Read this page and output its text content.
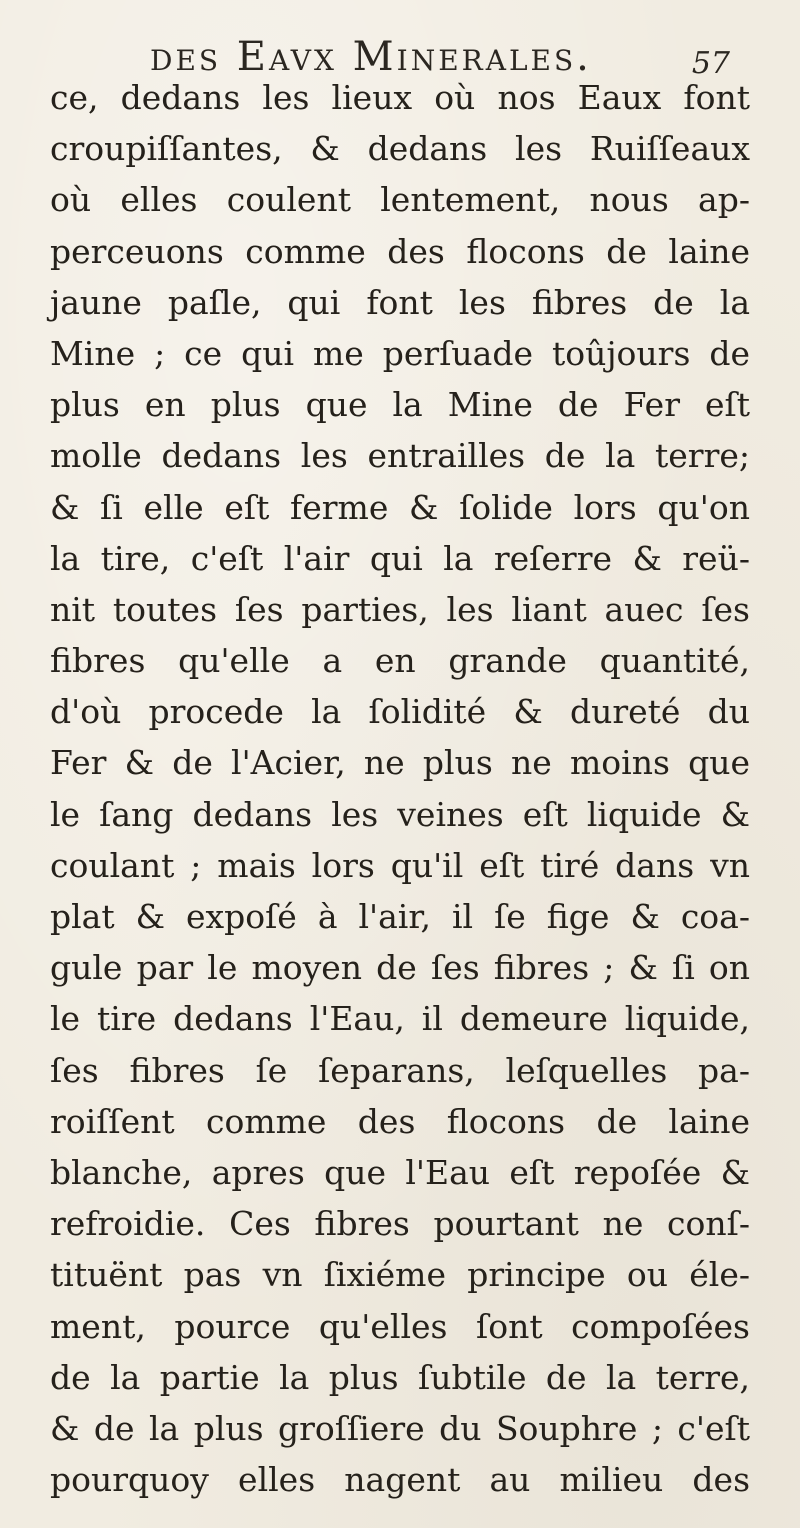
des Eavx Minerales.	57
ce, dedans les lieux où nos Eaux font
croupiſſantes, & dedans les Ruiſſeaux
où elles coulent lentement, nous ap-
perceuons comme des flocons de laine
jaune paſle, qui font les fibres de la
Mine ; ce qui me perſuade toûjours de
plus en plus que la Mine de Fer eſt
molle dedans les entrailles de la terre;
& ſi elle eſt ferme & ſolide lors qu'on
la tire, c'eſt l'air qui la reſerre & reü-
nit toutes ſes parties, les liant auec ſes
fibres qu'elle a en grande quantité,
d'où procede la ſolidité & dureté du
Fer & de l'Acier, ne plus ne moins que
le ſang dedans les veines eſt liquide &
coulant ; mais lors qu'il eſt tiré dans vn
plat & expoſé à l'air, il ſe fige & coa-
gule par le moyen de ſes fibres ; & ſi on
le tire dedans l'Eau, il demeure liquide,
ſes fibres ſe ſeparans, leſquelles pa-
roiſſent comme des flocons de laine
blanche, apres que l'Eau eſt repoſée &
refroidie. Ces fibres pourtant ne conſ-
tituënt pas vn ſixiéme principe ou éle-
ment, pource qu'elles ſont compoſées
de la partie la plus ſubtile de la terre,
& de la plus groſſiere du Souphre ; c'eſt
pourquoy elles nagent au milieu des
